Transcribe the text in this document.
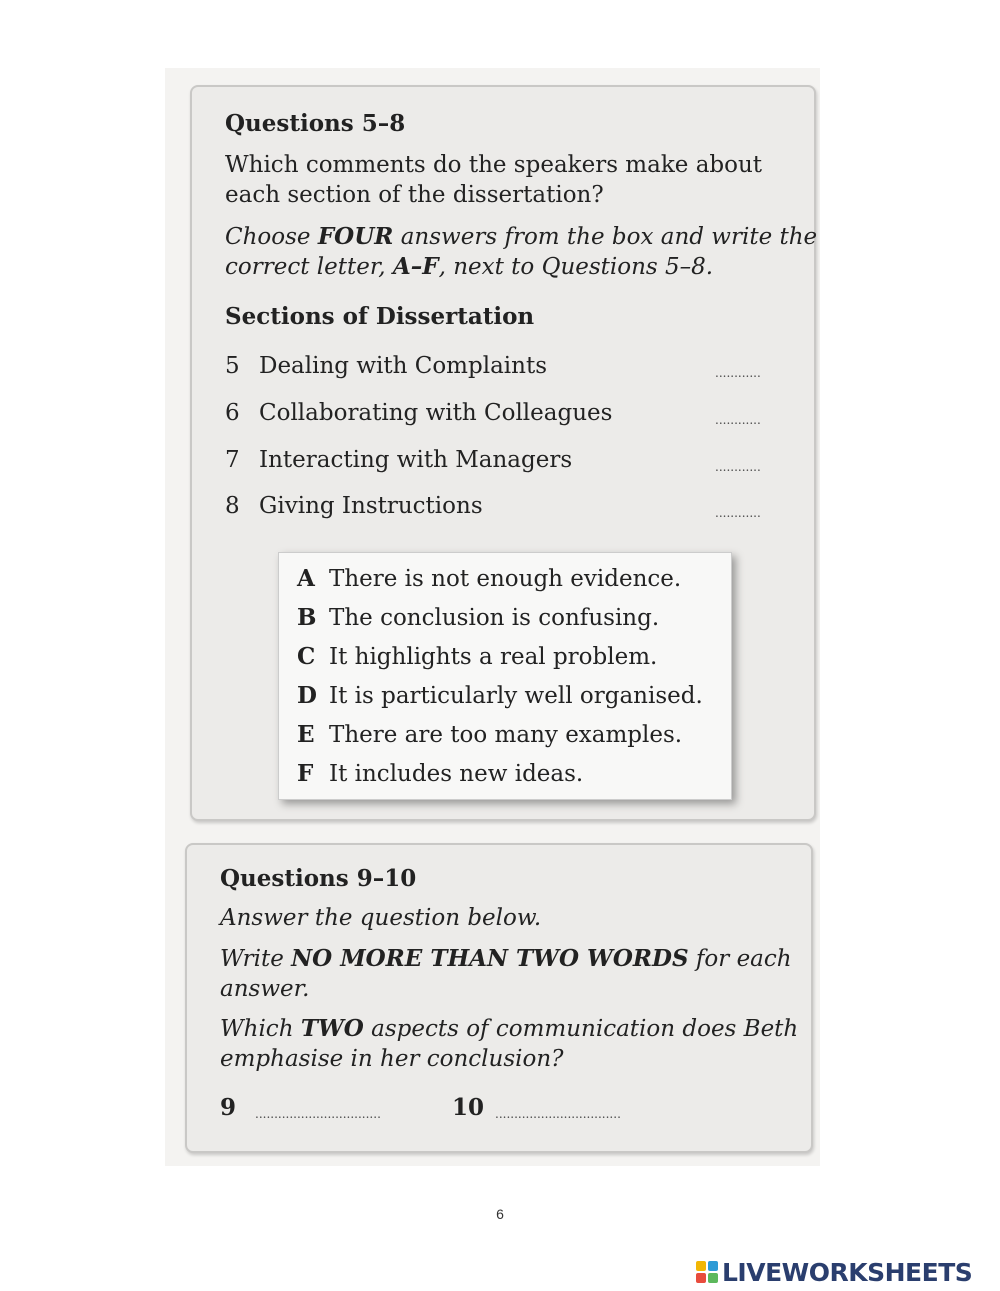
Questions 5–8
Which comments do the speakers make about
each section of the dissertation?
Choose FOUR answers from the box and write the
correct letter, A–F, next to Questions 5–8.
Sections of Dissertation
5 Dealing with Complaints	............
6 Collaborating with Colleagues	............
7 Interacting with Managers	............
8 Giving Instructions	............
A There is not enough evidence.
B The conclusion is confusing.
C It highlights a real problem.
D It is particularly well organised.
E There are too many examples.
F It includes new ideas.
Questions 9–10
Answer the question below.
Write NO MORE THAN TWO WORDS for each
answer.
Which TWO aspects of communication does Beth
emphasise in her conclusion?
9 .................................	10 .................................
6
LIVEWORKSHEETS
